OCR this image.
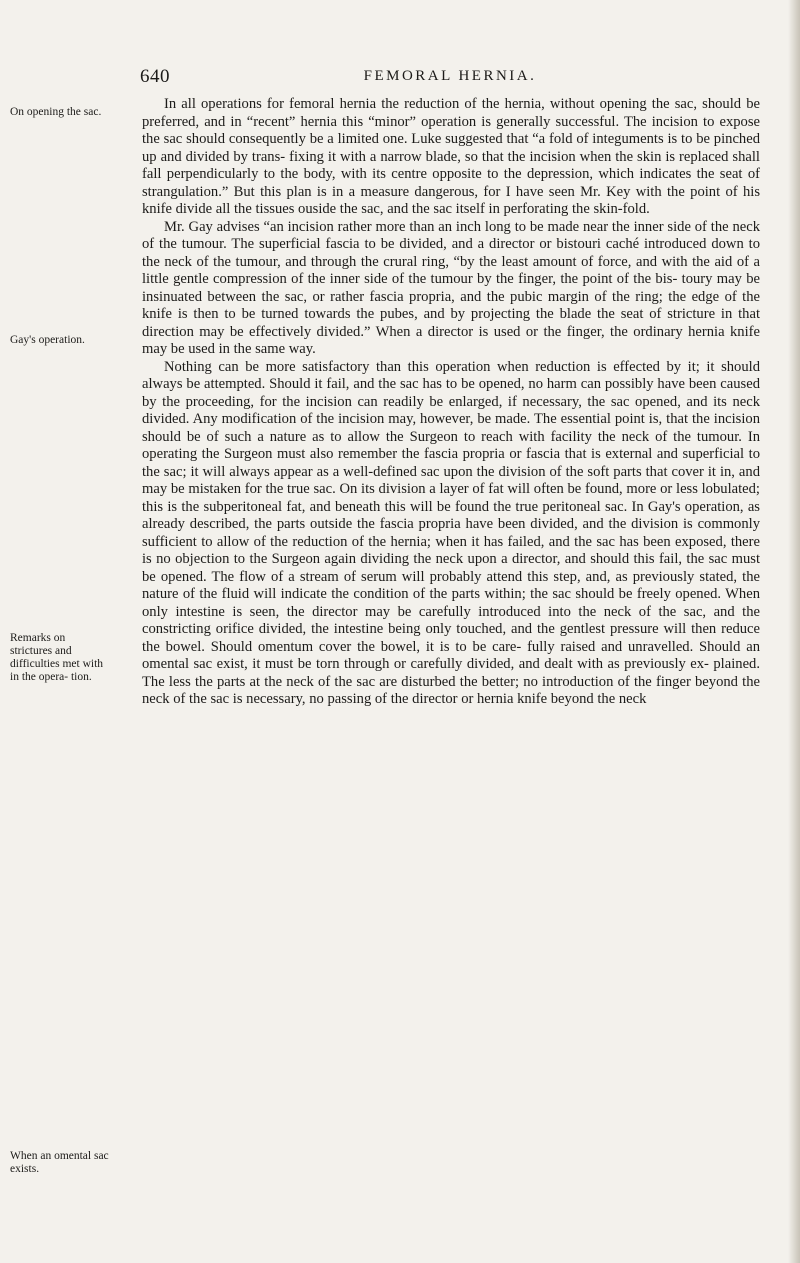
640	FEMORAL HERNIA.
On opening the sac.
Gay's operation.
Remarks on strictures and difficulties met with in the opera- tion.
When an omental sac exists.

In all operations for femoral hernia the reduction of the hernia, without opening the sac, should be preferred, and in “recent” hernia this “minor” operation is generally successful. The incision to expose the sac should consequently be a limited one. Luke suggested that “a fold of integuments is to be pinched up and divided by trans- fixing it with a narrow blade, so that the incision when the skin is replaced shall fall perpendicularly to the body, with its centre opposite to the depression, which indicates the seat of strangulation.” But this plan is in a measure dangerous, for I have seen Mr. Key with the point of his knife divide all the tissues ouside the sac, and the sac itself in perforating the skin-fold.

Mr. Gay advises “an incision rather more than an inch long to be made near the inner side of the neck of the tumour. The superficial fascia to be divided, and a director or bistouri caché introduced down to the neck of the tumour, and through the crural ring, “by the least amount of force, and with the aid of a little gentle compression of the inner side of the tumour by the finger, the point of the bis- toury may be insinuated between the sac, or rather fascia propria, and the pubic margin of the ring; the edge of the knife is then to be turned towards the pubes, and by projecting the blade the seat of stricture in that direction may be effectively divided.” When a director is used or the finger, the ordinary hernia knife may be used in the same way.

Nothing can be more satisfactory than this operation when reduction is effected by it; it should always be attempted. Should it fail, and the sac has to be opened, no harm can possibly have been caused by the proceeding, for the incision can readily be enlarged, if necessary, the sac opened, and its neck divided. Any modification of the incision may, however, be made. The essential point is, that the incision should be of such a nature as to allow the Surgeon to reach with facility the neck of the tumour. In operating the Surgeon must also remember the fascia propria or fascia that is external and superficial to the sac; it will always appear as a well-defined sac upon the division of the soft parts that cover it in, and may be mistaken for the true sac. On its division a layer of fat will often be found, more or less lobulated; this is the subperitoneal fat, and beneath this will be found the true peritoneal sac. In Gay's operation, as already described, the parts outside the fascia propria have been divided, and the division is commonly sufficient to allow of the reduction of the hernia; when it has failed, and the sac has been exposed, there is no objection to the Surgeon again dividing the neck upon a director, and should this fail, the sac must be opened. The flow of a stream of serum will probably attend this step, and, as previously stated, the nature of the fluid will indicate the condition of the parts within; the sac should be freely opened. When only intestine is seen, the director may be carefully introduced into the neck of the sac, and the constricting orifice divided, the intestine being only touched, and the gentlest pressure will then reduce the bowel. Should omentum cover the bowel, it is to be care- fully raised and unravelled. Should an omental sac exist, it must be torn through or carefully divided, and dealt with as previously ex- plained. The less the parts at the neck of the sac are disturbed the better; no introduction of the finger beyond the neck of the sac is necessary, no passing of the director or hernia knife beyond the neck
